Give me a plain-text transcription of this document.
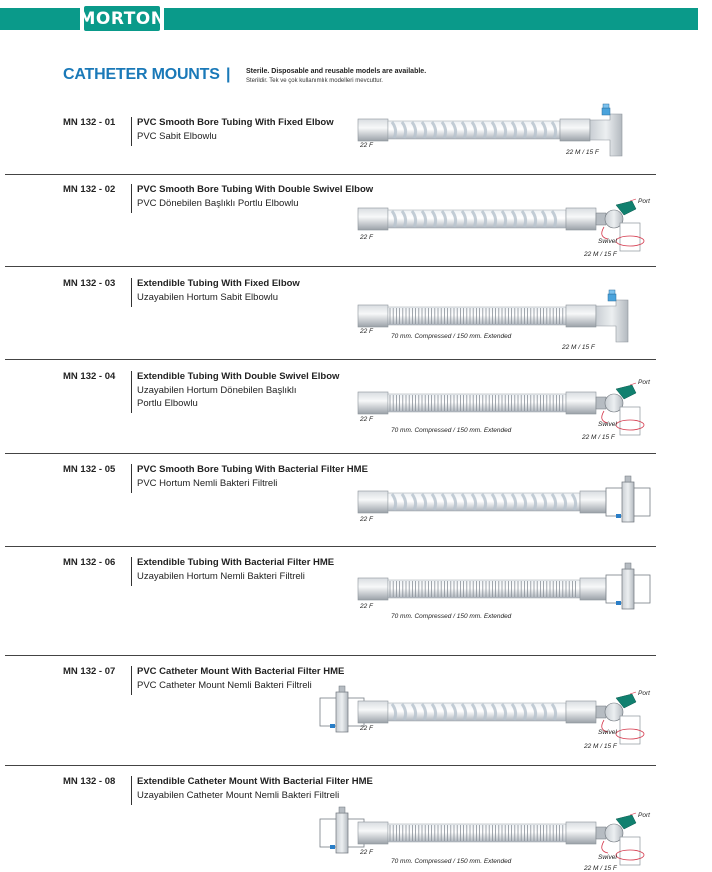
MORTON
CATHETER MOUNTS | Sterile. Disposable and reusable models are available.
Sterildir. Tek ve çok kullanımlık modelleri mevcuttur.
MN 132 - 01 PVC Smooth Bore Tubing With Fixed Elbow
PVC Sabit Elbowlu
22 F
22 M / 15 F
MN 132 - 02 PVC Smooth Bore Tubing With Double Swivel Elbow
PVC Dönebilen Başlıklı Portlu Elbowlu
22 F
22 M / 15 F
Port
Swivel
MN 132 - 03 Extendible Tubing With Fixed Elbow
Uzayabilen Hortum Sabit Elbowlu
22 F
22 M / 15 F
70 mm. Compressed / 150 mm. Extended
MN 132 - 04 Extendible Tubing With Double Swivel Elbow
Uzayabilen Hortum Dönebilen Başlıklı
Portlu Elbowlu
22 F
22 M / 15 F
70 mm. Compressed / 150 mm. Extended
Port
Swivel
MN 132 - 05 PVC Smooth Bore Tubing With Bacterial Filter HME
PVC Hortum Nemli Bakteri Filtreli
22 F
MN 132 - 06 Extendible Tubing With Bacterial Filter HME
Uzayabilen Hortum Nemli Bakteri Filtreli
22 F
70 mm. Compressed / 150 mm. Extended
MN 132 - 07 PVC Catheter Mount With Bacterial Filter HME
PVC Catheter Mount Nemli Bakteri Filtreli
22 F
22 M / 15 F
Port
Swivel
MN 132 - 08 Extendible Catheter Mount With Bacterial Filter HME
Uzayabilen Catheter Mount Nemli Bakteri Filtreli
22 F
22 M / 15 F
70 mm. Compressed / 150 mm. Extended
Port
Swivel
